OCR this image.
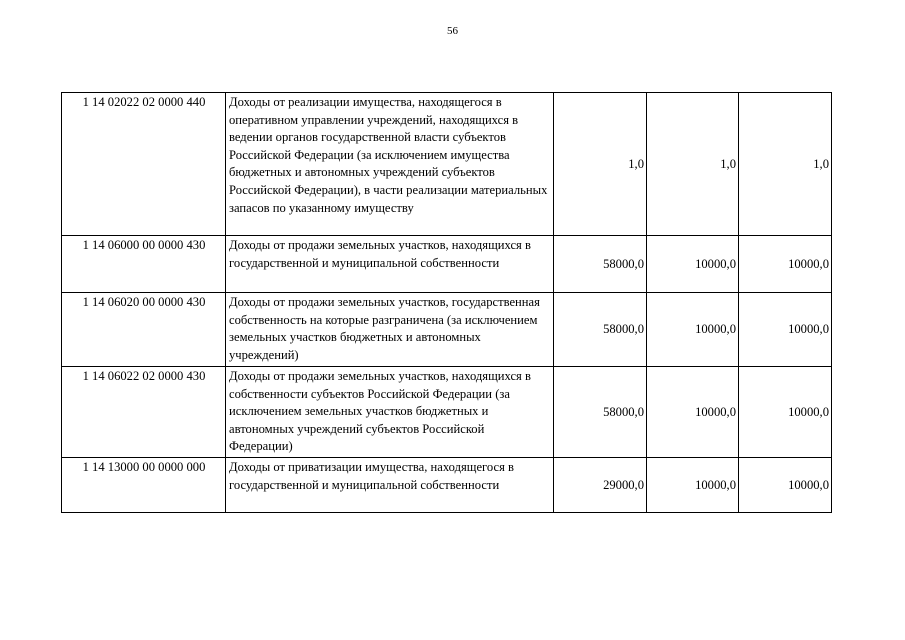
56
1 14 02022 02 0000 440	Доходы от реализации имущества, находящегося в оперативном управлении учреждений, находящихся в ведении органов государственной власти субъектов Российской Федерации (за исключением имущества бюджетных и автономных учреждений субъектов Российской Федерации), в части реализации материальных запасов по указанному имуществу	1,0	1,0	1,0
1 14 06000 00 0000 430	Доходы от продажи земельных участков, находящихся в государственной и муниципальной собственности	58000,0	10000,0	10000,0
1 14 06020 00 0000 430	Доходы от продажи земельных участков, государственная собственность на которые разграничена (за исключением земельных участков бюджетных и автономных учреждений)	58000,0	10000,0	10000,0
1 14 06022 02 0000 430	Доходы от продажи земельных участков, находящихся в собственности субъектов Российской Федерации (за исключением земельных участков бюджетных и автономных учреждений субъектов Российской Федерации)	58000,0	10000,0	10000,0
1 14 13000 00 0000 000	Доходы от приватизации имущества, находящегося в государственной и муниципальной собственности	29000,0	10000,0	10000,0
